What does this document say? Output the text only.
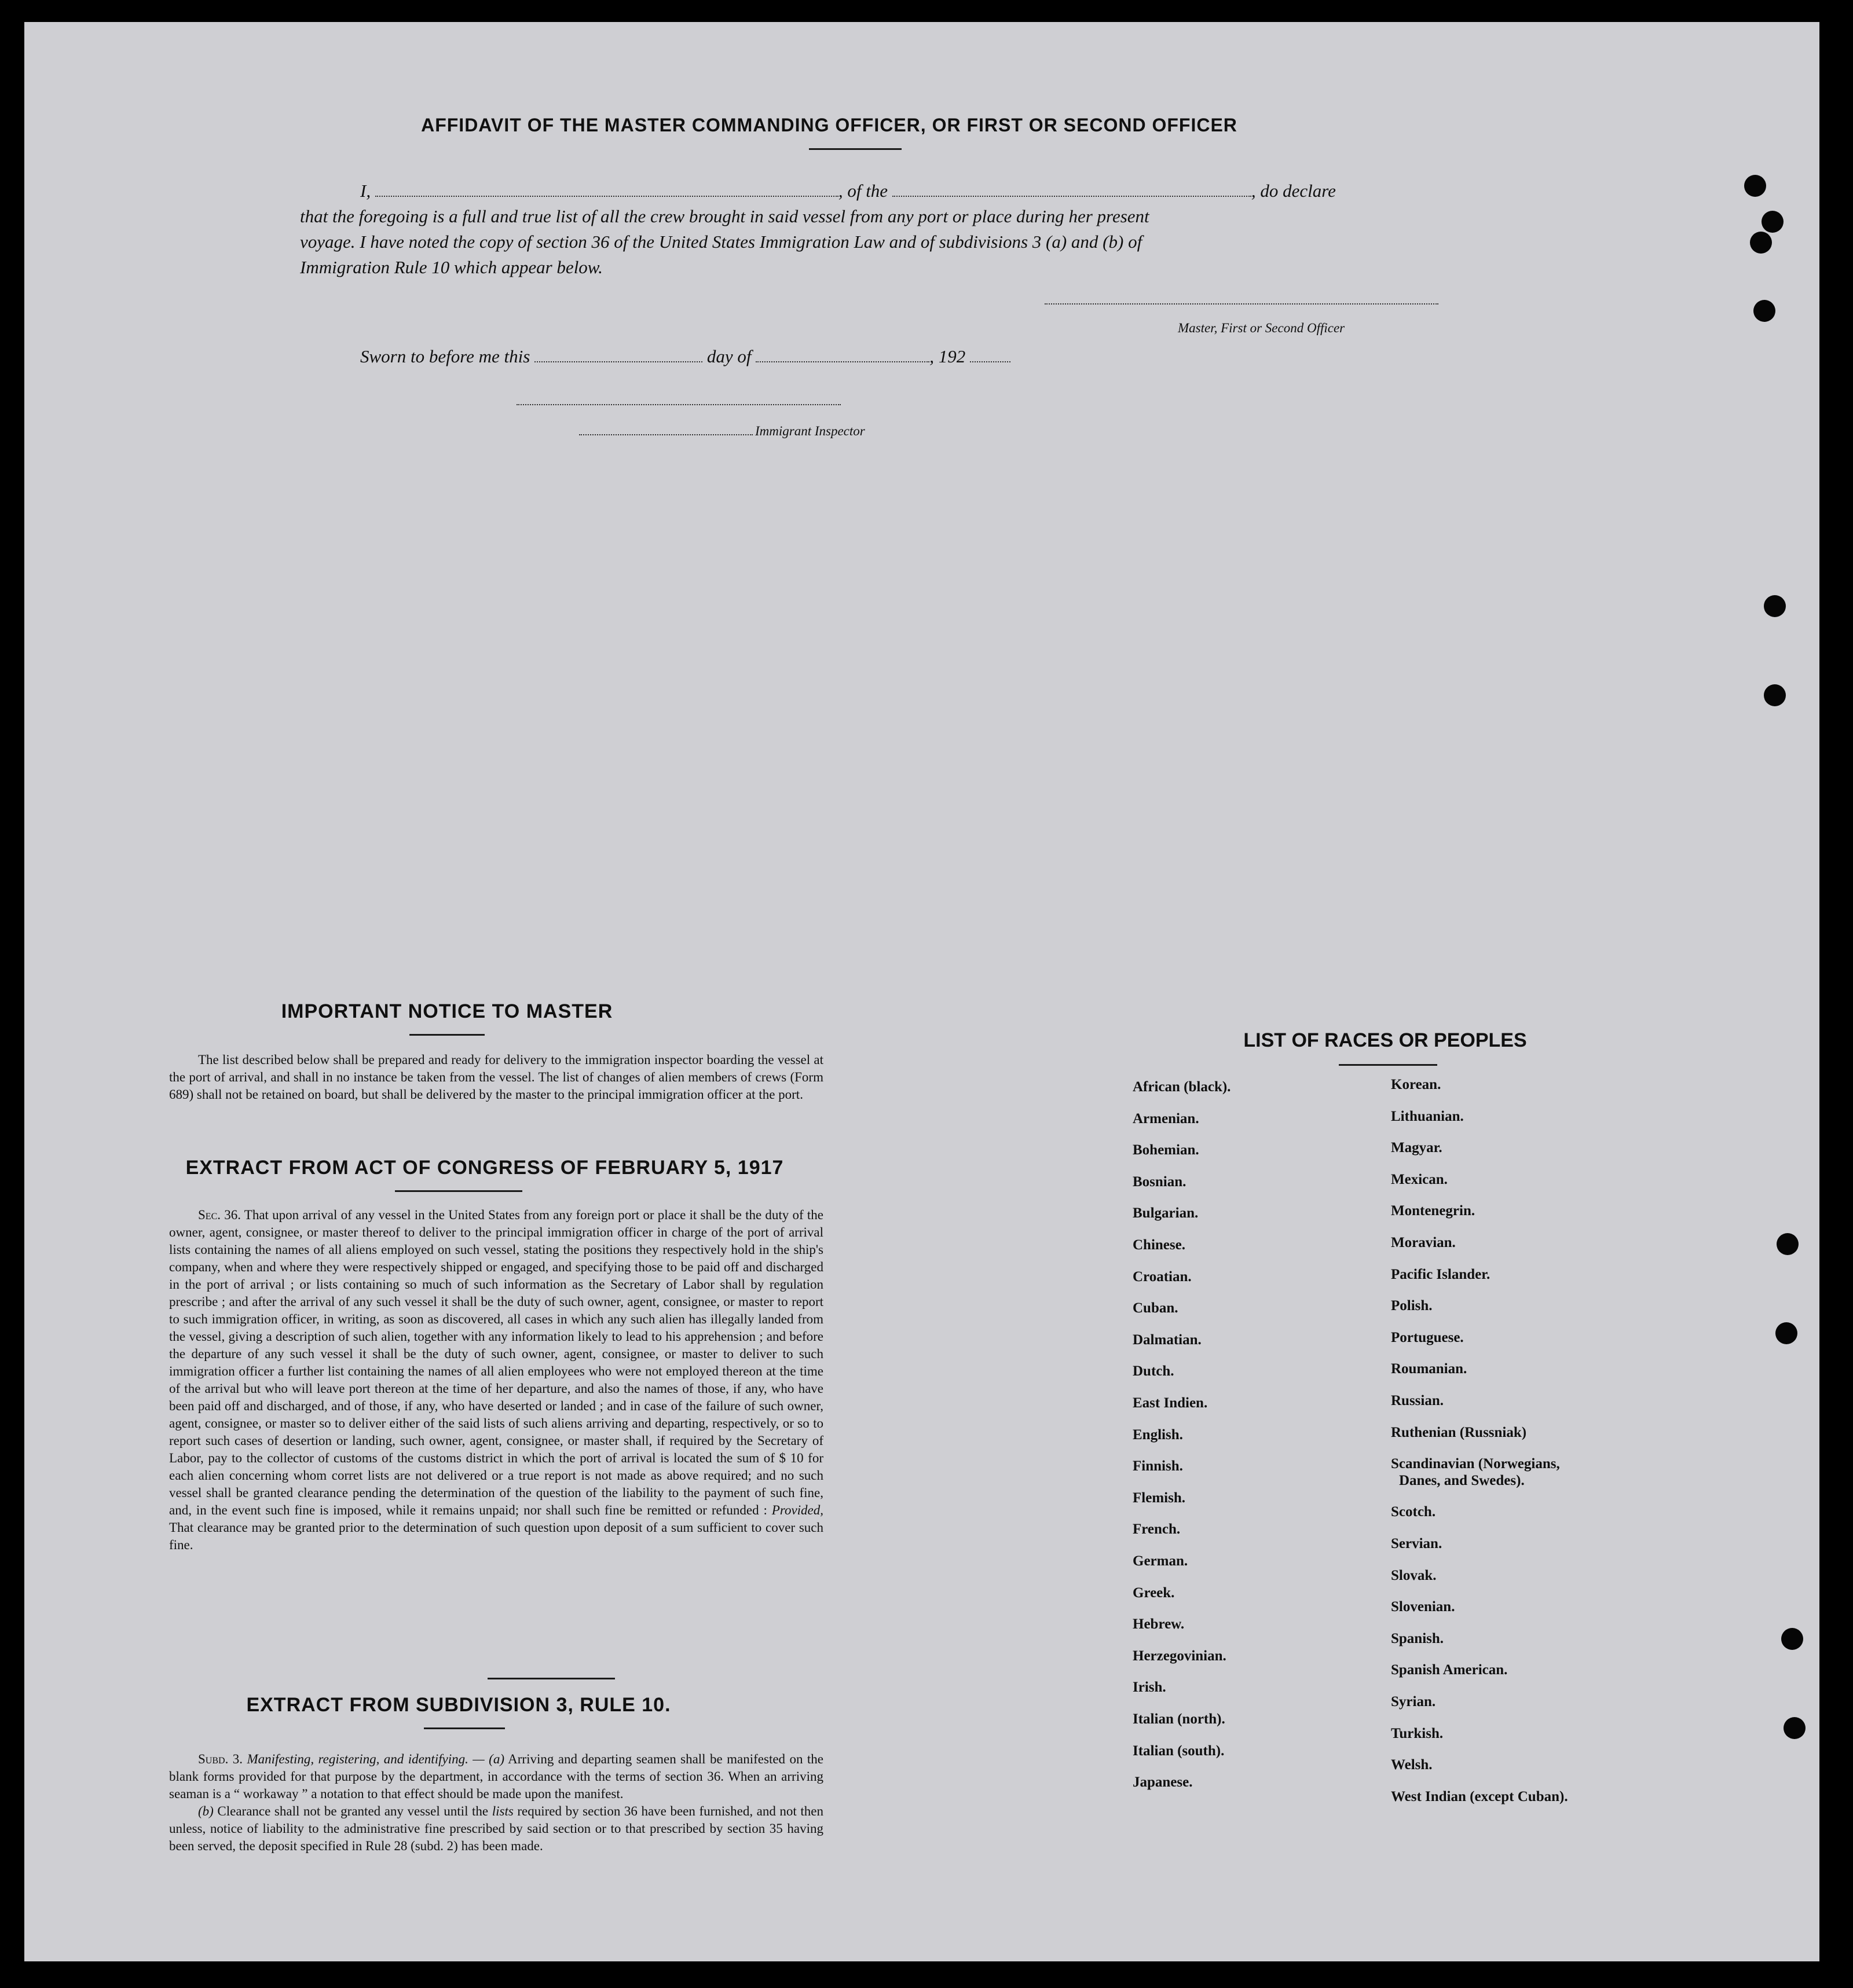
AFFIDAVIT OF THE MASTER COMMANDING OFFICER, OR FIRST OR SECOND OFFICER
I,	, of the	, do declare
that the foregoing is a full and true list of all the crew brought in said vessel from any port or place during her present
voyage. I have noted the copy of section 36 of the United States Immigration Law and of subdivisions 3 (a) and (b) of
Immigration Rule 10 which appear below.
Master, First or Second Officer
Sworn to before me this	day of	, 192
Immigrant Inspector
IMPORTANT NOTICE TO MASTER

The list described below shall be prepared and ready for delivery to the immigration inspector boarding the vessel at the port of arrival, and shall in no instance be taken from the vessel. The list of changes of alien members of crews (Form 689) shall not be retained on board, but shall be delivered by the master to the principal immigration officer at the port.

EXTRACT FROM ACT OF CONGRESS OF FEBRUARY 5, 1917

Sec. 36. That upon arrival of any vessel in the United States from any foreign port or place it shall be the duty of the owner, agent, consignee, or master thereof to deliver to the principal immigration officer in charge of the port of arrival lists containing the names of all aliens employed on such vessel, stating the positions they respectively hold in the ship's company, when and where they were respectively shipped or engaged, and specifying those to be paid off and discharged in the port of arrival ; or lists containing so much of such information as the Secretary of Labor shall by regulation prescribe ; and after the arrival of any such vessel it shall be the duty of such owner, agent, consignee, or master to report to such immigration officer, in writing, as soon as discovered, all cases in which any such alien has illegally landed from the vessel, giving a description of such alien, together with any information likely to lead to his apprehension ; and before the departure of any such vessel it shall be the duty of such owner, agent, consignee, or master to deliver to such immigration officer a further list containing the names of all alien employees who were not employed thereon at the time of the arrival but who will leave port thereon at the time of her departure, and also the names of those, if any, who have been paid off and discharged, and of those, if any, who have deserted or landed ; and in case of the failure of such owner, agent, consignee, or master so to deliver either of the said lists of such aliens arriving and departing, respectively, or so to report such cases of desertion or landing, such owner, agent, consignee, or master shall, if required by the Secretary of Labor, pay to the collector of customs of the customs district in which the port of arrival is located the sum of $ 10 for each alien concerning whom corret lists are not delivered or a true report is not made as above required; and no such vessel shall be granted clearance pending the determination of the question of the liability to the payment of such fine, and, in the event such fine is imposed, while it remains unpaid; nor shall such fine be remitted or refunded : Provided, That clearance may be granted prior to the determination of such question upon deposit of a sum sufficient to cover such fine.

EXTRACT FROM SUBDIVISION 3, RULE 10.

Subd. 3. Manifesting, registering, and identifying. — (a) Arriving and departing seamen shall be manifested on the blank forms provided for that purpose by the department, in accordance with the terms of section 36. When an arriving seaman is a “ workaway ” a notation to that effect should be made upon the manifest.

(b) Clearance shall not be granted any vessel until the lists required by section 36 have been furnished, and not then unless, notice of liability to the administrative fine prescribed by said section or to that prescribed by section 35 having been served, the deposit specified in Rule 28 (subd. 2) has been made.

LIST OF RACES OR PEOPLES
African (black).
Armenian.
Bohemian.
Bosnian.
Bulgarian.
Chinese.
Croatian.
Cuban.
Dalmatian.
Dutch.
East Indien.
English.
Finnish.
Flemish.
French.
German.
Greek.
Hebrew.
Herzegovinian.
Irish.
Italian (north).
Italian (south).
Japanese.
Korean.
Lithuanian.
Magyar.
Mexican.
Montenegrin.
Moravian.
Pacific Islander.
Polish.
Portuguese.
Roumanian.
Russian.
Ruthenian (Russniak)
Scandinavian (Norwegians,
Danes, and Swedes).
Scotch.
Servian.
Slovak.
Slovenian.
Spanish.
Spanish American.
Syrian.
Turkish.
Welsh.
West Indian (except Cuban).
